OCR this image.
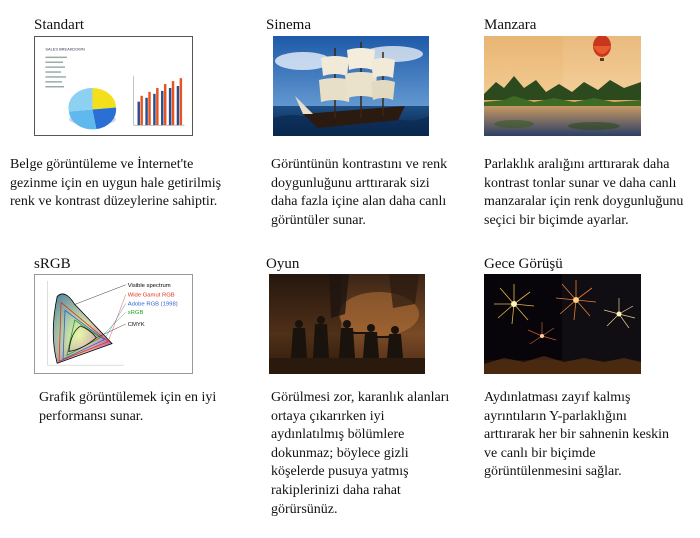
Standart
SALES BREAKDOWN
Belge görüntüleme ve İnternet'te gezinme için en uygun hale getirilmiş renk ve kontrast düzeylerine sahiptir.
Sinema
Görüntünün kontrastını ve renk doygunluğunu arttırarak sizi daha fazla içine alan daha canlı görüntüler sunar.
Manzara
Parlaklık aralığını arttırarak daha kontrast tonlar sunar ve daha canlı manzaralar için renk doygunluğunu seçici bir biçimde ayarlar.
sRGB
Visible spectrum
Wide Gamut RGB
Adobe RGB (1998)
sRGB
CMYK
Grafik görüntülemek için en iyi performansı sunar.
Oyun
Görülmesi zor, karanlık alanları ortaya çıkarırken iyi aydınlatılmış bölümlere dokunmaz; böylece gizli köşelerde pusuya yatmış rakiplerinizi daha rahat görürsünüz.
Gece Görüşü
Aydınlatması zayıf kalmış ayrıntıların Y-parlaklığını arttırarak her bir sahnenin keskin ve canlı bir biçimde görüntülenmesini sağlar.
